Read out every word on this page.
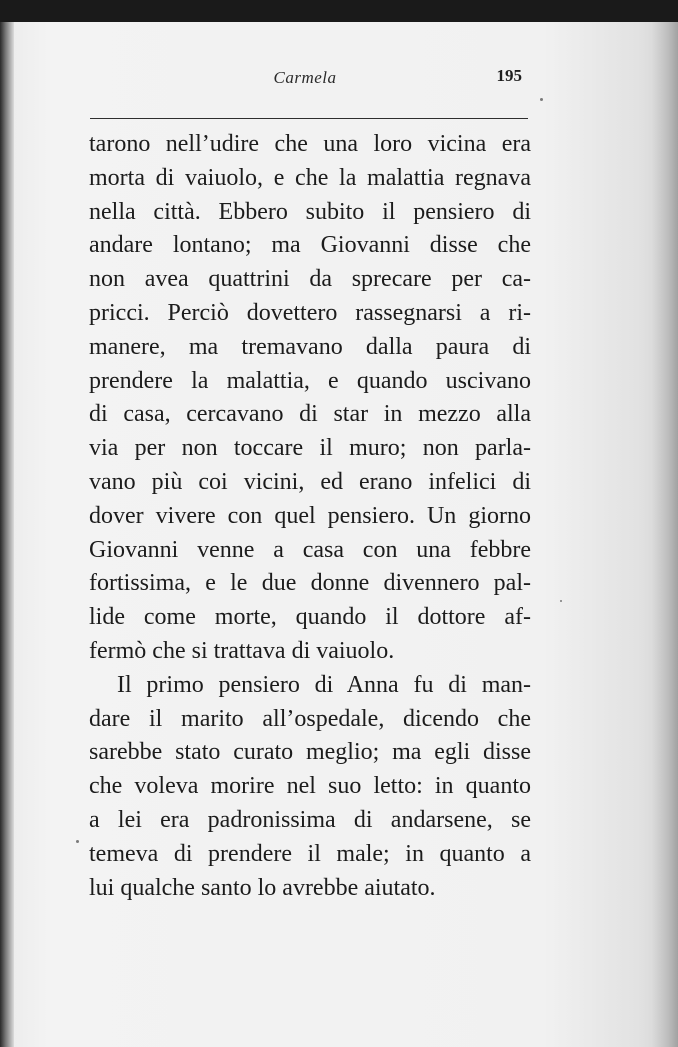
Carmela	195
tarono nell’udire che una loro vicina era
morta di vaiuolo, e che la malattia regnava
nella città. Ebbero subito il pensiero di
andare lontano; ma Giovanni disse che
non avea quattrini da sprecare per ca-
pricci. Perciò dovettero rassegnarsi a ri-
manere, ma tremavano dalla paura di
prendere la malattia, e quando uscivano
di casa, cercavano di star in mezzo alla
via per non toccare il muro; non parla-
vano più coi vicini, ed erano infelici di
dover vivere con quel pensiero. Un giorno
Giovanni venne a casa con una febbre
fortissima, e le due donne divennero pal-
lide come morte, quando il dottore af-
fermò che si trattava di vaiuolo.
Il primo pensiero di Anna fu di man-
dare il marito all’ospedale, dicendo che
sarebbe stato curato meglio; ma egli disse
che voleva morire nel suo letto: in quanto
a lei era padronissima di andarsene, se
temeva di prendere il male; in quanto a
lui qualche santo lo avrebbe aiutato.
